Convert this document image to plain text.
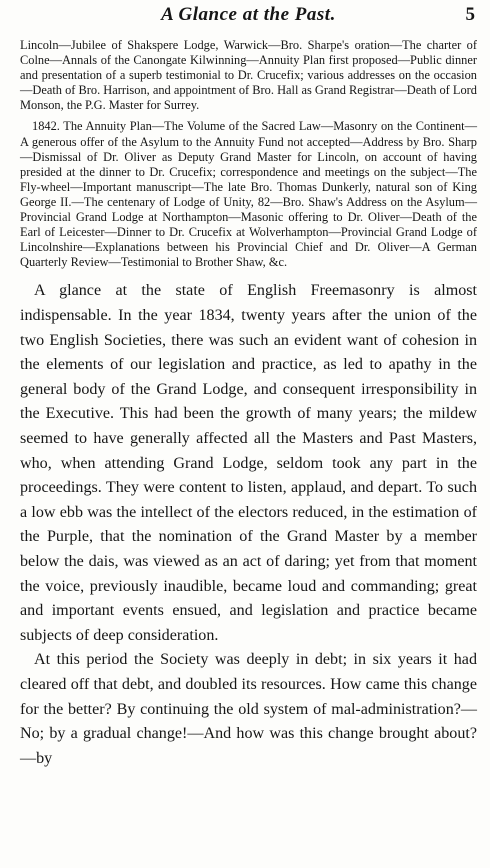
A Glance at the Past.	5

Lincoln—Jubilee of Shakspere Lodge, Warwick—Bro. Sharpe's oration—The charter of Colne—Annals of the Canongate Kilwinning—Annuity Plan first proposed—Public dinner and presentation of a superb testimonial to Dr. Crucefix; various addresses on the occasion—Death of Bro. Harrison, and appointment of Bro. Hall as Grand Registrar—Death of Lord Monson, the P.G. Master for Surrey.

1842. The Annuity Plan—The Volume of the Sacred Law—Masonry on the Continent—A generous offer of the Asylum to the Annuity Fund not accepted—Address by Bro. Sharp—Dismissal of Dr. Oliver as Deputy Grand Master for Lincoln, on account of having presided at the dinner to Dr. Crucefix; correspondence and meetings on the subject—The Fly-wheel—Important manuscript—The late Bro. Thomas Dunkerly, natural son of King George II.—The centenary of Lodge of Unity, 82—Bro. Shaw's Address on the Asylum—Provincial Grand Lodge at Northampton—Masonic offering to Dr. Oliver—Death of the Earl of Leicester—Dinner to Dr. Crucefix at Wolverhampton—Provincial Grand Lodge of Lincolnshire—Explanations between his Provincial Chief and Dr. Oliver—A German Quarterly Review—Testimonial to Brother Shaw, &c.

A glance at the state of English Freemasonry is almost indispensable. In the year 1834, twenty years after the union of the two English Societies, there was such an evident want of cohesion in the elements of our legislation and practice, as led to apathy in the general body of the Grand Lodge, and consequent irresponsibility in the Executive. This had been the growth of many years; the mildew seemed to have generally affected all the Masters and Past Masters, who, when attending Grand Lodge, seldom took any part in the proceedings. They were content to listen, applaud, and depart. To such a low ebb was the intellect of the electors reduced, in the estimation of the Purple, that the nomination of the Grand Master by a member below the dais, was viewed as an act of daring; yet from that moment the voice, previously inaudible, became loud and commanding; great and important events ensued, and legislation and practice became subjects of deep consideration.

At this period the Society was deeply in debt; in six years it had cleared off that debt, and doubled its resources. How came this change for the better? By continuing the old system of mal-administration?—No; by a gradual change!—And how was this change brought about?—by
